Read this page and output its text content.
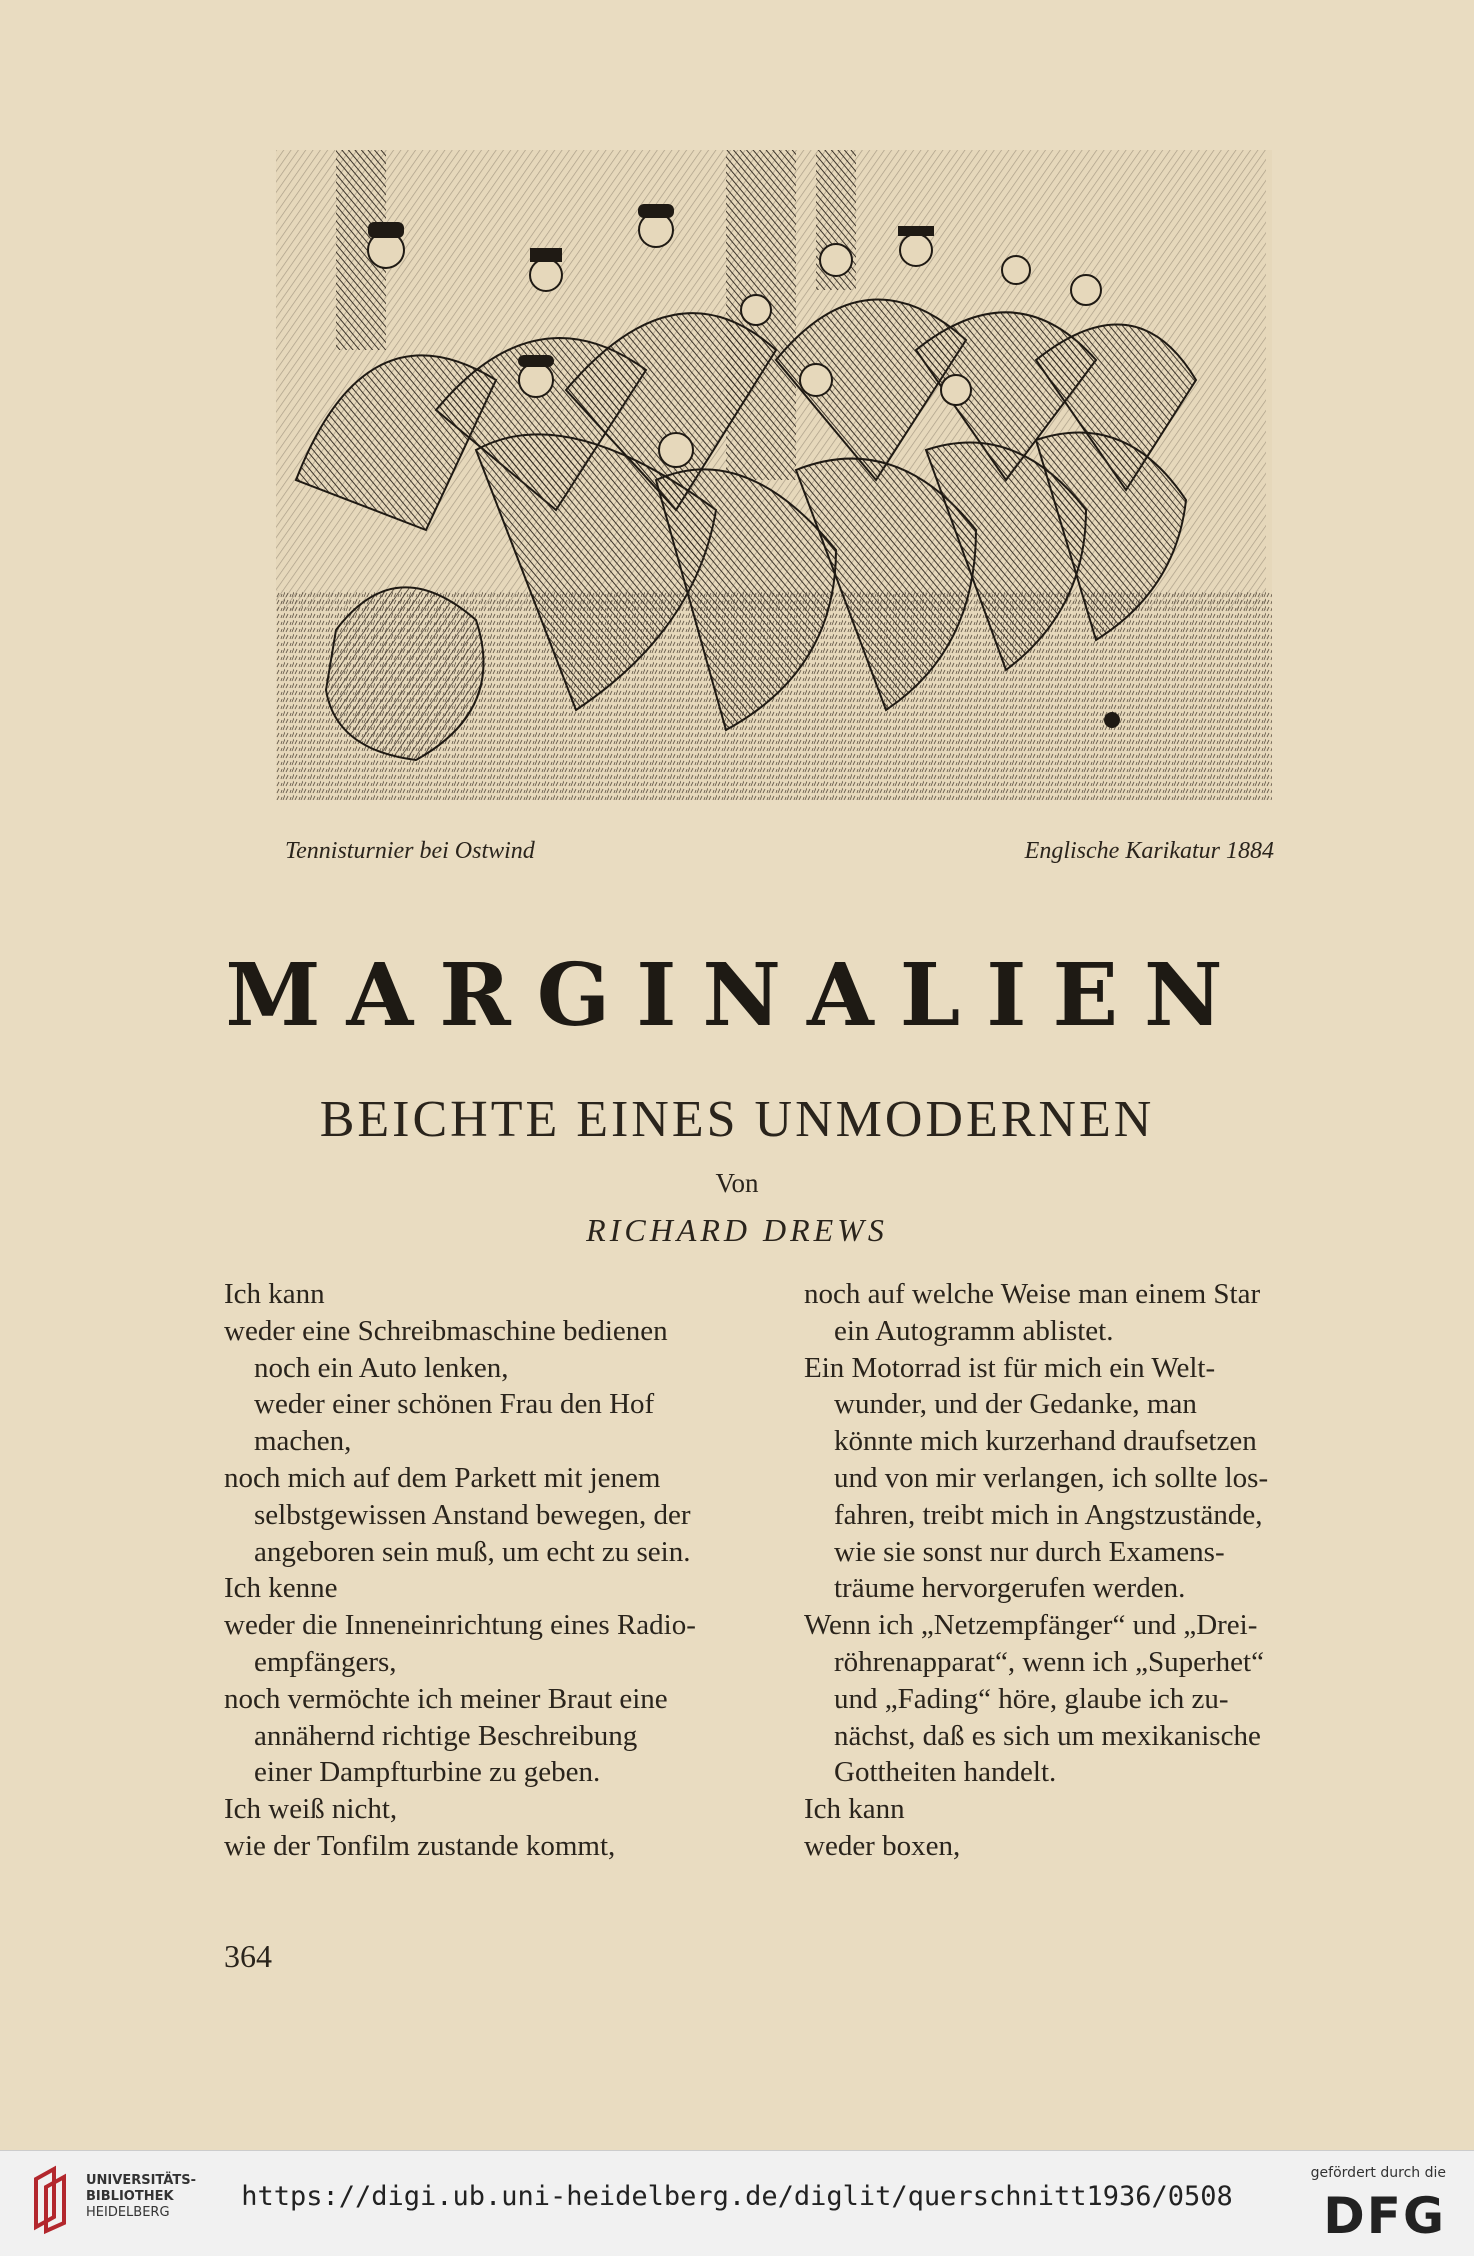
Tennisturnier bei Ostwind	Englische Karikatur 1884
MARGINALIEN
BEICHTE EINES UNMODERNEN
Von
RICHARD DREWS
Ich kann
weder eine Schreibmaschine bedienen
noch ein Auto lenken,
weder einer schönen Frau den Hof
machen,
noch mich auf dem Parkett mit jenem
selbstgewissen Anstand bewegen, der
angeboren sein muß, um echt zu sein.
Ich kenne
weder die Inneneinrichtung eines Radio-
empfängers,
noch vermöchte ich meiner Braut eine
annähernd richtige Beschreibung
einer Dampfturbine zu geben.
Ich weiß nicht,
wie der Tonfilm zustande kommt,
noch auf welche Weise man einem Star
ein Autogramm ablistet.
Ein Motorrad ist für mich ein Welt-
wunder, und der Gedanke, man
könnte mich kurzerhand draufsetzen
und von mir verlangen, ich sollte los-
fahren, treibt mich in Angstzustände,
wie sie sonst nur durch Examens-
träume hervorgerufen werden.
Wenn ich „Netzempfänger“ und „Drei-
röhrenapparat“, wenn ich „Superhet“
und „Fading“ höre, glaube ich zu-
nächst, daß es sich um mexikanische
Gottheiten handelt.
Ich kann
weder boxen,
364
UNIVERSITÄTS-
BIBLIOTHEK
HEIDELBERG
https://digi.ub.uni-heidelberg.de/diglit/querschnitt1936/0508
gefördert durch die
DFG
